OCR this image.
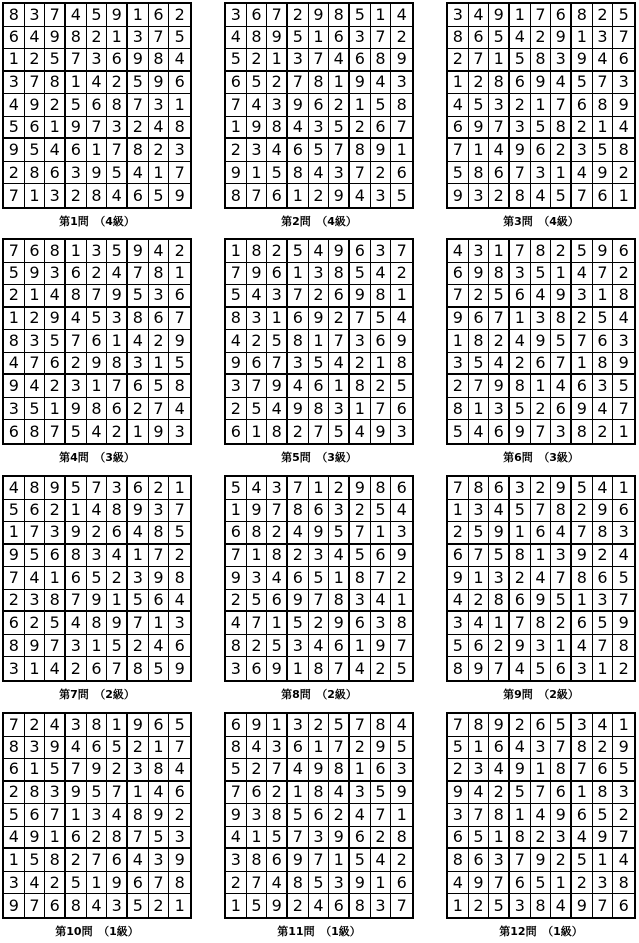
8 3 7 4 5 9 1 6 2
6 4 9 8 2 1 3 7 5
1 2 5 7 3 6 9 8 4
3 7 8 1 4 2 5 9 6
4 9 2 5 6 8 7 3 1
5 6 1 9 7 3 2 4 8
9 5 4 6 1 7 8 2 3
2 8 6 3 9 5 4 1 7
7 1 3 2 8 4 6 5 9
第1問　（4級）
3 6 7 2 9 8 5 1 4
4 8 9 5 1 6 3 7 2
5 2 1 3 7 4 6 8 9
6 5 2 7 8 1 9 4 3
7 4 3 9 6 2 1 5 8
1 9 8 4 3 5 2 6 7
2 3 4 6 5 7 8 9 1
9 1 5 8 4 3 7 2 6
8 7 6 1 2 9 4 3 5
第2問　（4級）
3 4 9 1 7 6 8 2 5
8 6 5 4 2 9 1 3 7
2 7 1 5 8 3 9 4 6
1 2 8 6 9 4 5 7 3
4 5 3 2 1 7 6 8 9
6 9 7 3 5 8 2 1 4
7 1 4 9 6 2 3 5 8
5 8 6 7 3 1 4 9 2
9 3 2 8 4 5 7 6 1
第3問　（4級）
7 6 8 1 3 5 9 4 2
5 9 3 6 2 4 7 8 1
2 1 4 8 7 9 5 3 6
1 2 9 4 5 3 8 6 7
8 3 5 7 6 1 4 2 9
4 7 6 2 9 8 3 1 5
9 4 2 3 1 7 6 5 8
3 5 1 9 8 6 2 7 4
6 8 7 5 4 2 1 9 3
第4問　（3級）
1 8 2 5 4 9 6 3 7
7 9 6 1 3 8 5 4 2
5 4 3 7 2 6 9 8 1
8 3 1 6 9 2 7 5 4
4 2 5 8 1 7 3 6 9
9 6 7 3 5 4 2 1 8
3 7 9 4 6 1 8 2 5
2 5 4 9 8 3 1 7 6
6 1 8 2 7 5 4 9 3
第5問　（3級）
4 3 1 7 8 2 5 9 6
6 9 8 3 5 1 4 7 2
7 2 5 6 4 9 3 1 8
9 6 7 1 3 8 2 5 4
1 8 2 4 9 5 7 6 3
3 5 4 2 6 7 1 8 9
2 7 9 8 1 4 6 3 5
8 1 3 5 2 6 9 4 7
5 4 6 9 7 3 8 2 1
第6問　（3級）
4 8 9 5 7 3 6 2 1
5 6 2 1 4 8 9 3 7
1 7 3 9 2 6 4 8 5
9 5 6 8 3 4 1 7 2
7 4 1 6 5 2 3 9 8
2 3 8 7 9 1 5 6 4
6 2 5 4 8 9 7 1 3
8 9 7 3 1 5 2 4 6
3 1 4 2 6 7 8 5 9
第7問　（2級）
5 4 3 7 1 2 9 8 6
1 9 7 8 6 3 2 5 4
6 8 2 4 9 5 7 1 3
7 1 8 2 3 4 5 6 9
9 3 4 6 5 1 8 7 2
2 5 6 9 7 8 3 4 1
4 7 1 5 2 9 6 3 8
8 2 5 3 4 6 1 9 7
3 6 9 1 8 7 4 2 5
第8問　（2級）
7 8 6 3 2 9 5 4 1
1 3 4 5 7 8 2 9 6
2 5 9 1 6 4 7 8 3
6 7 5 8 1 3 9 2 4
9 1 3 2 4 7 8 6 5
4 2 8 6 9 5 1 3 7
3 4 1 7 8 2 6 5 9
5 6 2 9 3 1 4 7 8
8 9 7 4 5 6 3 1 2
第9問　（2級）
7 2 4 3 8 1 9 6 5
8 3 9 4 6 5 2 1 7
6 1 5 7 9 2 3 8 4
2 8 3 9 5 7 1 4 6
5 6 7 1 3 4 8 9 2
4 9 1 6 2 8 7 5 3
1 5 8 2 7 6 4 3 9
3 4 2 5 1 9 6 7 8
9 7 6 8 4 3 5 2 1
第10問　（1級）
6 9 1 3 2 5 7 8 4
8 4 3 6 1 7 2 9 5
5 2 7 4 9 8 1 6 3
7 6 2 1 8 4 3 5 9
9 3 8 5 6 2 4 7 1
4 1 5 7 3 9 6 2 8
3 8 6 9 7 1 5 4 2
2 7 4 8 5 3 9 1 6
1 5 9 2 4 6 8 3 7
第11問　（1級）
7 8 9 2 6 5 3 4 1
5 1 6 4 3 7 8 2 9
2 3 4 9 1 8 7 6 5
9 4 2 5 7 6 1 8 3
3 7 8 1 4 9 6 5 2
6 5 1 8 2 3 4 9 7
8 6 3 7 9 2 5 1 4
4 9 7 6 5 1 2 3 8
1 2 5 3 8 4 9 7 6
第12問　（1級）
